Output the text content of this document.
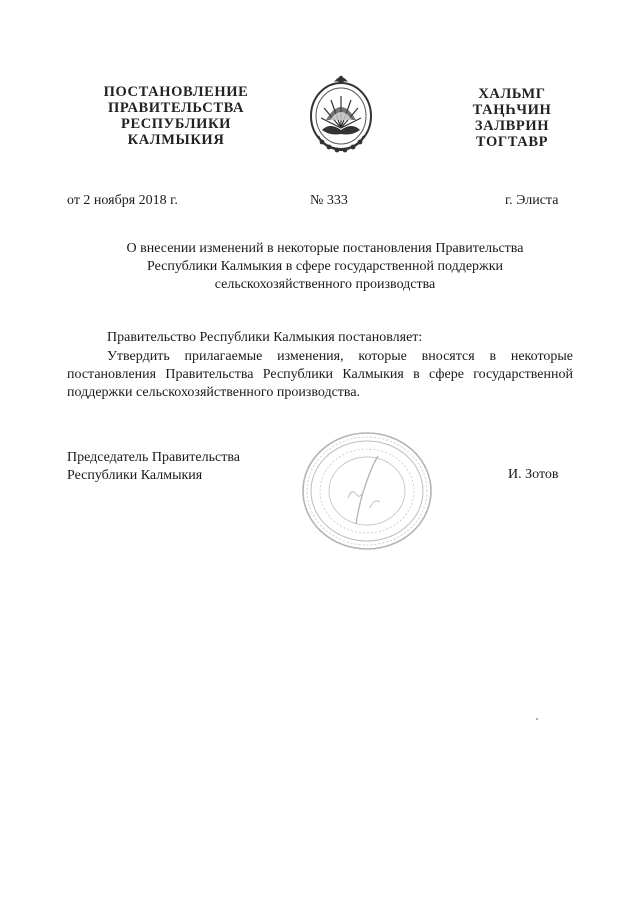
ПОСТАНОВЛЕНИЕ
ПРАВИТЕЛЬСТВА
РЕСПУБЛИКИ
КАЛМЫКИЯ
ХАЛЬМГ
ТАҢҺЧИН
ЗАЛВРИН
ТОГТАВР
от 2 ноября 2018 г.	№ 333	г. Элиста
О внесении изменений в некоторые постановления Правительства
Республики Калмыкия в сфере государственной поддержки
сельскохозяйственного производства
Правительство Республики Калмыкия постановляет:
Утвердить прилагаемые изменения, которые вносятся в некоторые постановления Правительства Республики Калмыкия в сфере государственной поддержки сельскохозяйственного производства.
Председатель Правительства
Республики Калмыкия	И. Зотов
